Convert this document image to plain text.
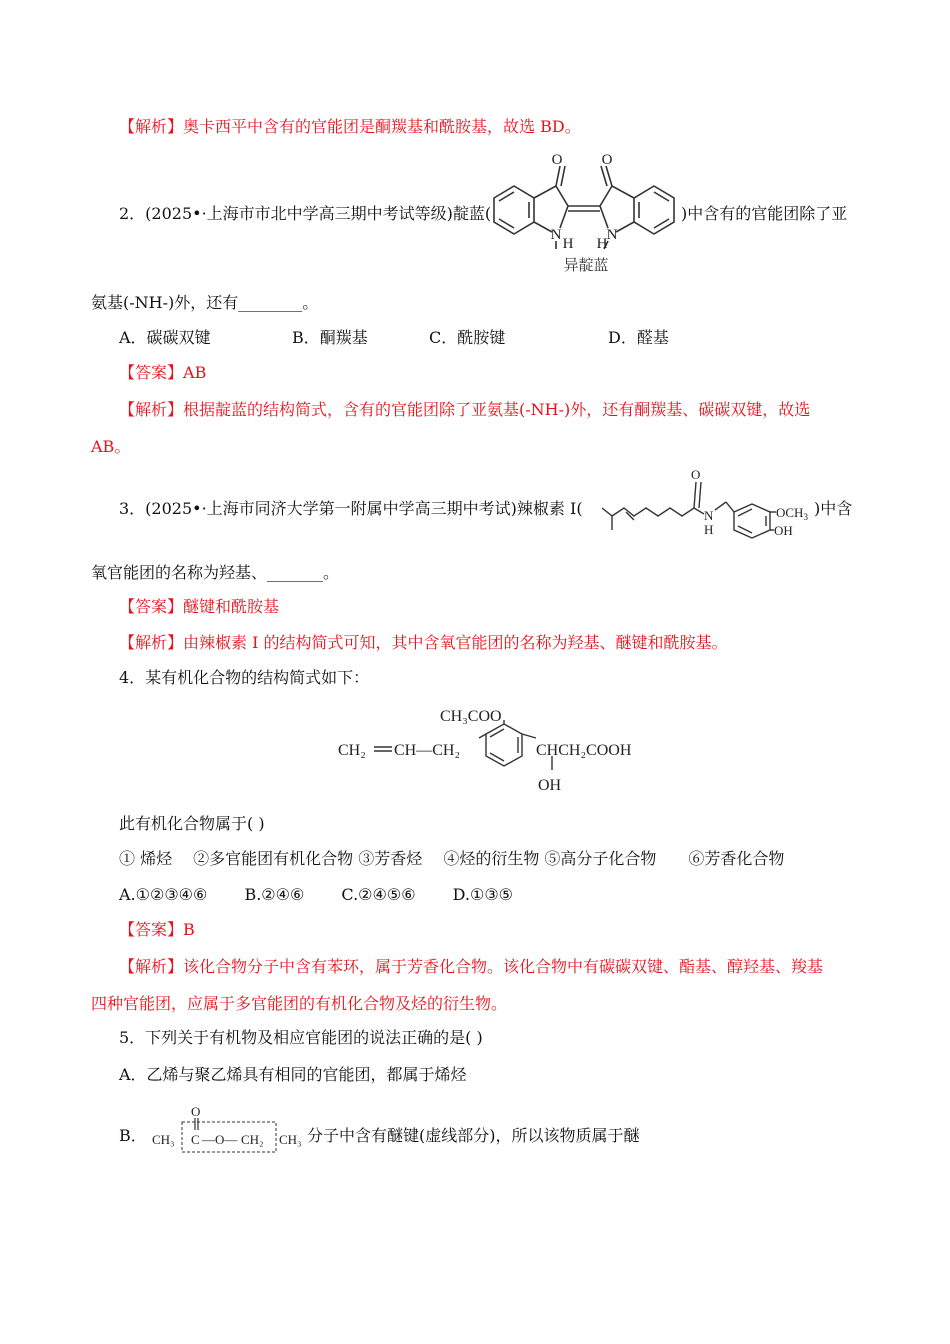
【解析】奥卡西平中含有的官能团是酮羰基和酰胺基，故选 BD。
2．(2025•·上海市市北中学高三期中考试等级)靛蓝(
O	O
N	N
H H
异靛蓝
)中含有的官能团除了亚
氨基(-NH-)外，还有________。
A．碳碳双键	B．酮羰基	C．酰胺键	D．醛基
【答案】AB
【解析】根据靛蓝的结构简式，含有的官能团除了亚氨基(-NH-)外，还有酮羰基、碳碳双键，故选
AB。
3．(2025•·上海市同济大学第一附属中学高三期中考试)辣椒素 I(
O
N
H
$OCH_3$
OH
)中含
氧官能团的名称为羟基、_______。
【答案】醚键和酰胺基
【解析】由辣椒素 I 的结构简式可知，其中含氧官能团的名称为羟基、醚键和酰胺基。
4．某有机化合物的结构简式如下：
CH₃COO
CH₂ CH—CH₂	CHCH₂COOH
OH
此有机化合物属于( )
① 烯烃　 ②多官能团有机化合物 ③芳香烃　 ④烃的衍生物 ⑤高分子化合物　　⑥芳香化合物
A.①②③④⑥　　 B.②④⑥　　 C.②④⑤⑥　　 D.①③⑤
【答案】B
【解析】该化合物分子中含有苯环，属于芳香化合物。该化合物中有碳碳双键、酯基、醇羟基、羧基
四种官能团，应属于多官能团的有机化合物及烃的衍生物。
5．下列关于有机物及相应官能团的说法正确的是( )
A．乙烯与聚乙烯具有相同的官能团，都属于烯烃
B．
O
CH₃ C —O— CH₂ CH₃ 分子中含有醚键(虚线部分)，所以该物质属于醚
